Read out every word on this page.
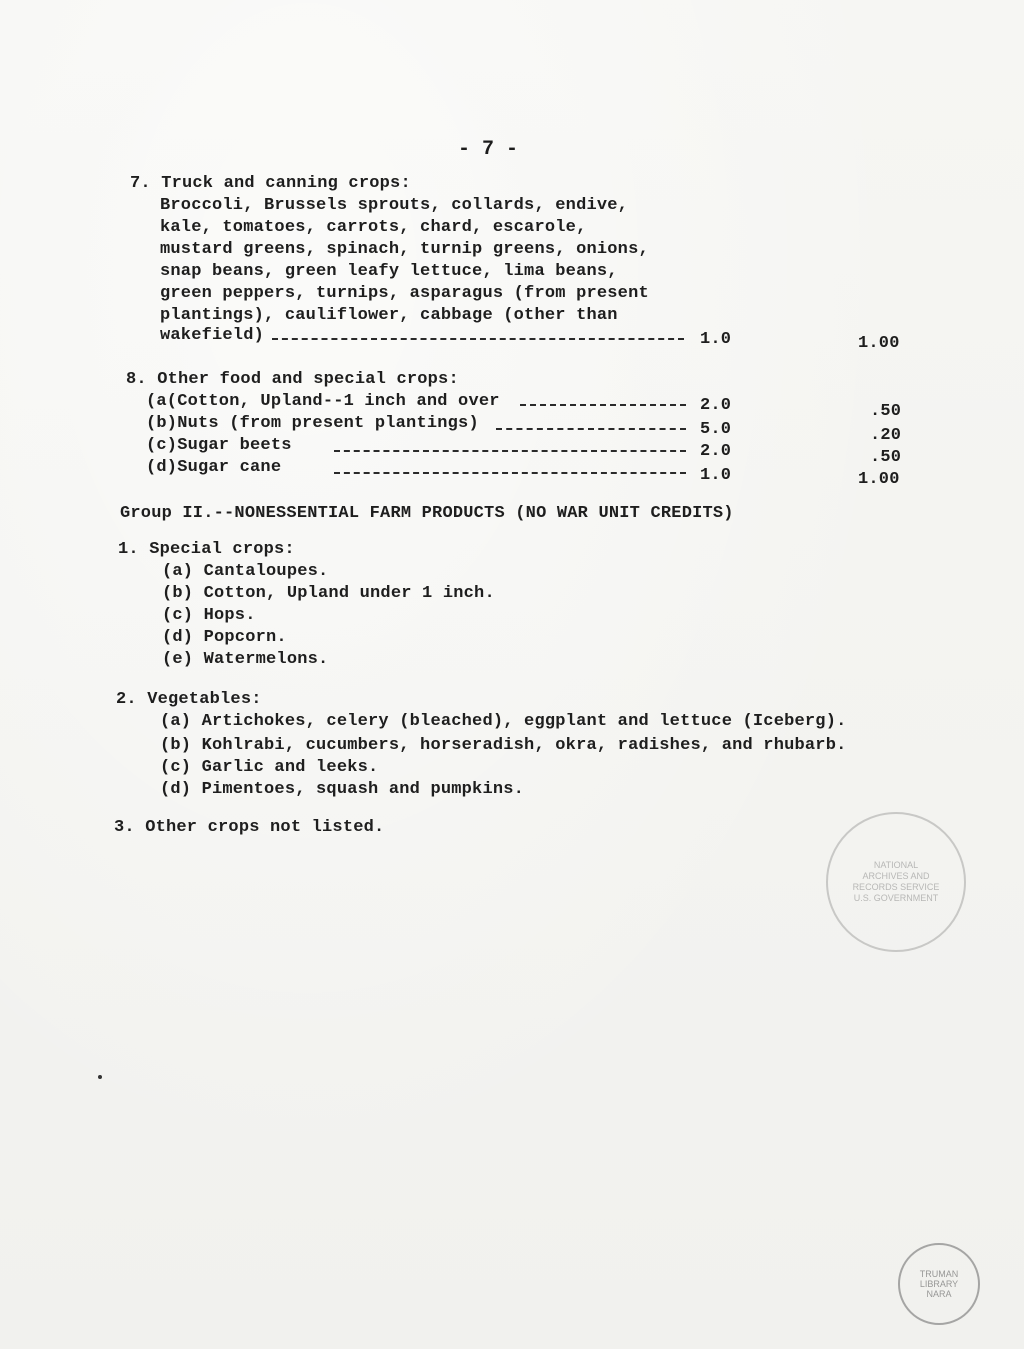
- 7 -
7. Truck and canning crops:
Broccoli, Brussels sprouts, collards, endive,
kale, tomatoes, carrots, chard, escarole,
mustard greens, spinach, turnip greens, onions,
snap beans, green leafy lettuce, lima beans,
green peppers, turnips, asparagus (from present
plantings), cauliflower, cabbage (other than
wakefield)	1.0	1.00
8. Other food and special crops:
(a(Cotton, Upland--1 inch and over	2.0	.50
(b)Nuts (from present plantings)	5.0	.20
(c)Sugar beets	2.0	.50
(d)Sugar cane	1.0	1.00
Group II.--NONESSENTIAL FARM PRODUCTS (NO WAR UNIT CREDITS)
1. Special crops:
(a) Cantaloupes.
(b) Cotton, Upland under 1 inch.
(c) Hops.
(d) Popcorn.
(e) Watermelons.
2. Vegetables:
(a) Artichokes, celery (bleached), eggplant and lettuce (Iceberg).
(b) Kohlrabi, cucumbers, horseradish, okra, radishes, and rhubarb.
(c) Garlic and leeks.
(d) Pimentoes, squash and pumpkins.
3. Other crops not listed.
NATIONAL ARCHIVES AND RECORDS SERVICE U.S. GOVERNMENT
TRUMAN LIBRARY NARA
